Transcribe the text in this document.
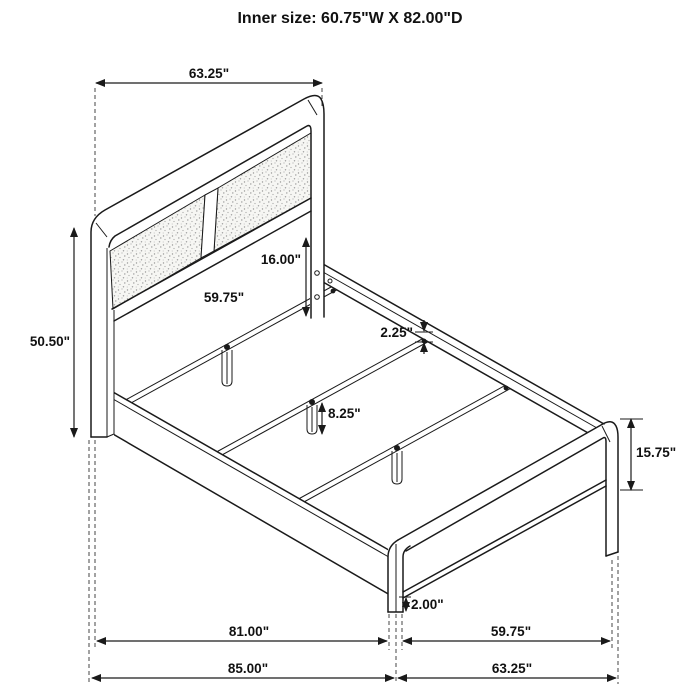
Inner size: 60.75"W X 82.00"D
63.25"
50.50"
16.00"
59.75"
2.25"
8.25"
15.75"
2.00"
81.00"	59.75"
85.00"	63.25"
